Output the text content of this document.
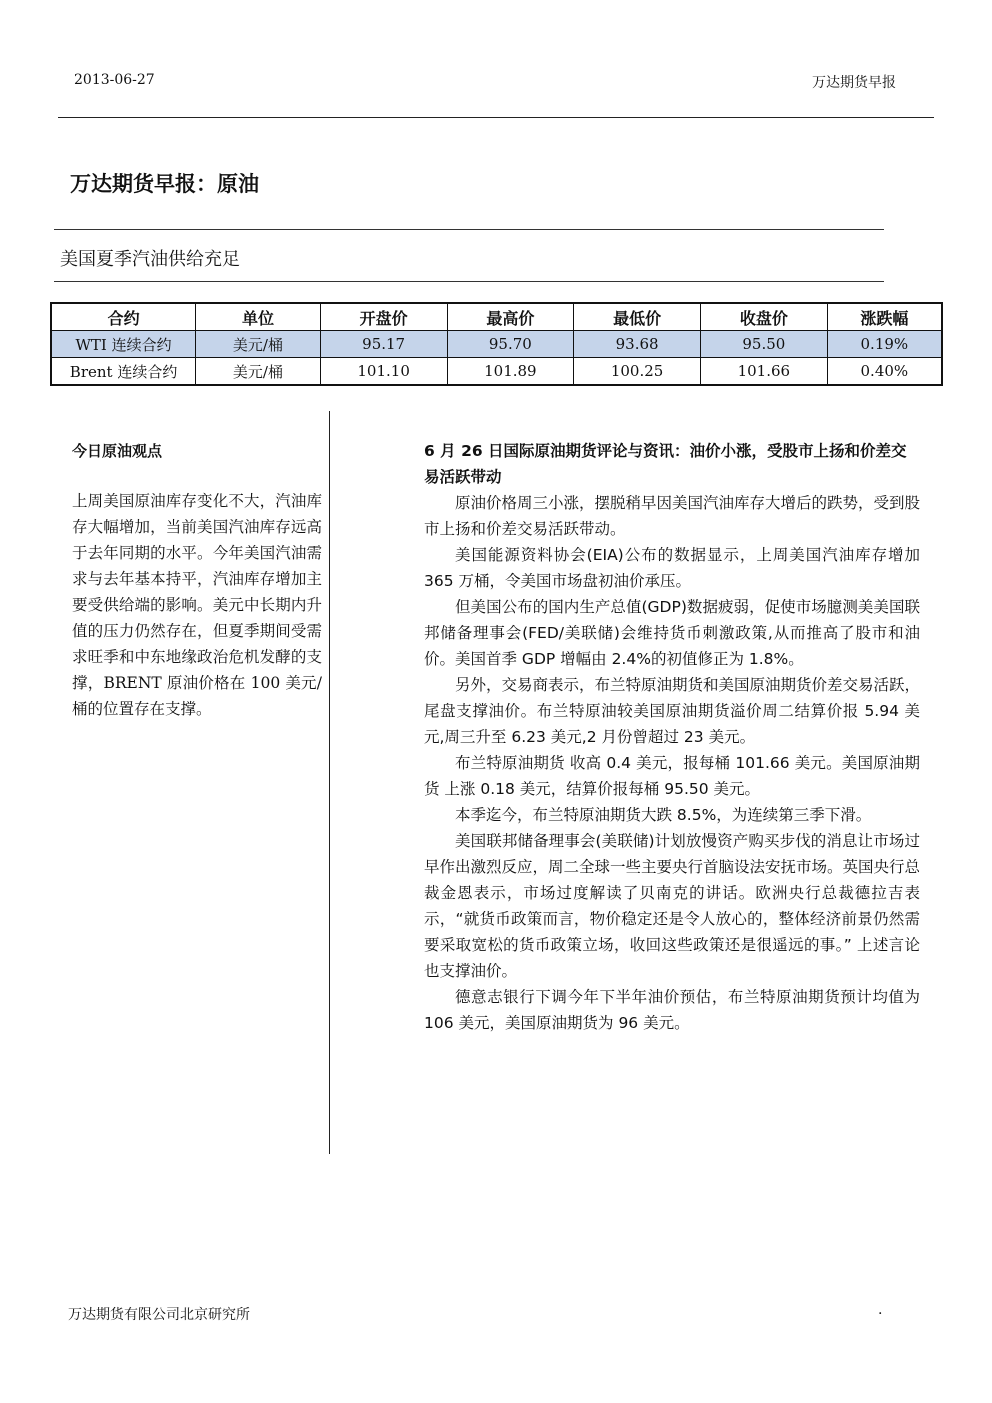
2013-06-27	万达期货早报
万达期货早报：原油
美国夏季汽油供给充足
合约	单位	开盘价	最高价	最低价	收盘价	涨跌幅
WTI 连续合约	美元/桶	95.17	95.70	93.68	95.50	0.19%
Brent 连续合约	美元/桶	101.10	101.89	100.25	101.66	0.40%
今日原油观点
上周美国原油库存变化不大，汽油库存大幅增加，当前美国汽油库存远高于去年同期的水平。今年美国汽油需求与去年基本持平，汽油库存增加主要受供给端的影响。美元中长期内升值的压力仍然存在，但夏季期间受需求旺季和中东地缘政治危机发酵的支撑，BRENT 原油价格在 100 美元/桶的位置存在支撑。
6 月 26 日国际原油期货评论与资讯：油价小涨，受股市上扬和价差交易活跃带动

原油价格周三小涨，摆脱稍早因美国汽油库存大增后的跌势，受到股市上扬和价差交易活跃带动。

美国能源资料协会(EIA)公布的数据显示，上周美国汽油库存增加 365 万桶，令美国市场盘初油价承压。

但美国公布的国内生产总值(GDP)数据疲弱，促使市场臆测美美国联邦储备理事会(FED/美联储)会维持货币刺激政策,从而推高了股市和油价。美国首季 GDP 增幅由 2.4%的初值修正为 1.8%。

另外，交易商表示，布兰特原油期货和美国原油期货价差交易活跃，尾盘支撑油价。布兰特原油较美国原油期货溢价周二结算价报 5.94 美元,周三升至 6.23 美元,2 月份曾超过 23 美元。

布兰特原油期货 收高 0.4 美元，报每桶 101.66 美元。美国原油期货 上涨 0.18 美元，结算价报每桶 95.50 美元。

本季迄今，布兰特原油期货大跌 8.5%，为连续第三季下滑。

美国联邦储备理事会(美联储)计划放慢资产购买步伐的消息让市场过早作出激烈反应，周二全球一些主要央行首脑设法安抚市场。英国央行总裁金恩表示，市场过度解读了贝南克的讲话。欧洲央行总裁德拉吉表示，“就货币政策而言，物价稳定还是令人放心的，整体经济前景仍然需要采取宽松的货币政策立场，收回这些政策还是很遥远的事。” 上述言论也支撑油价。

德意志银行下调今年下半年油价预估，布兰特原油期货预计均值为 106 美元，美国原油期货为 96 美元。

万达期货有限公司北京研究所	.
